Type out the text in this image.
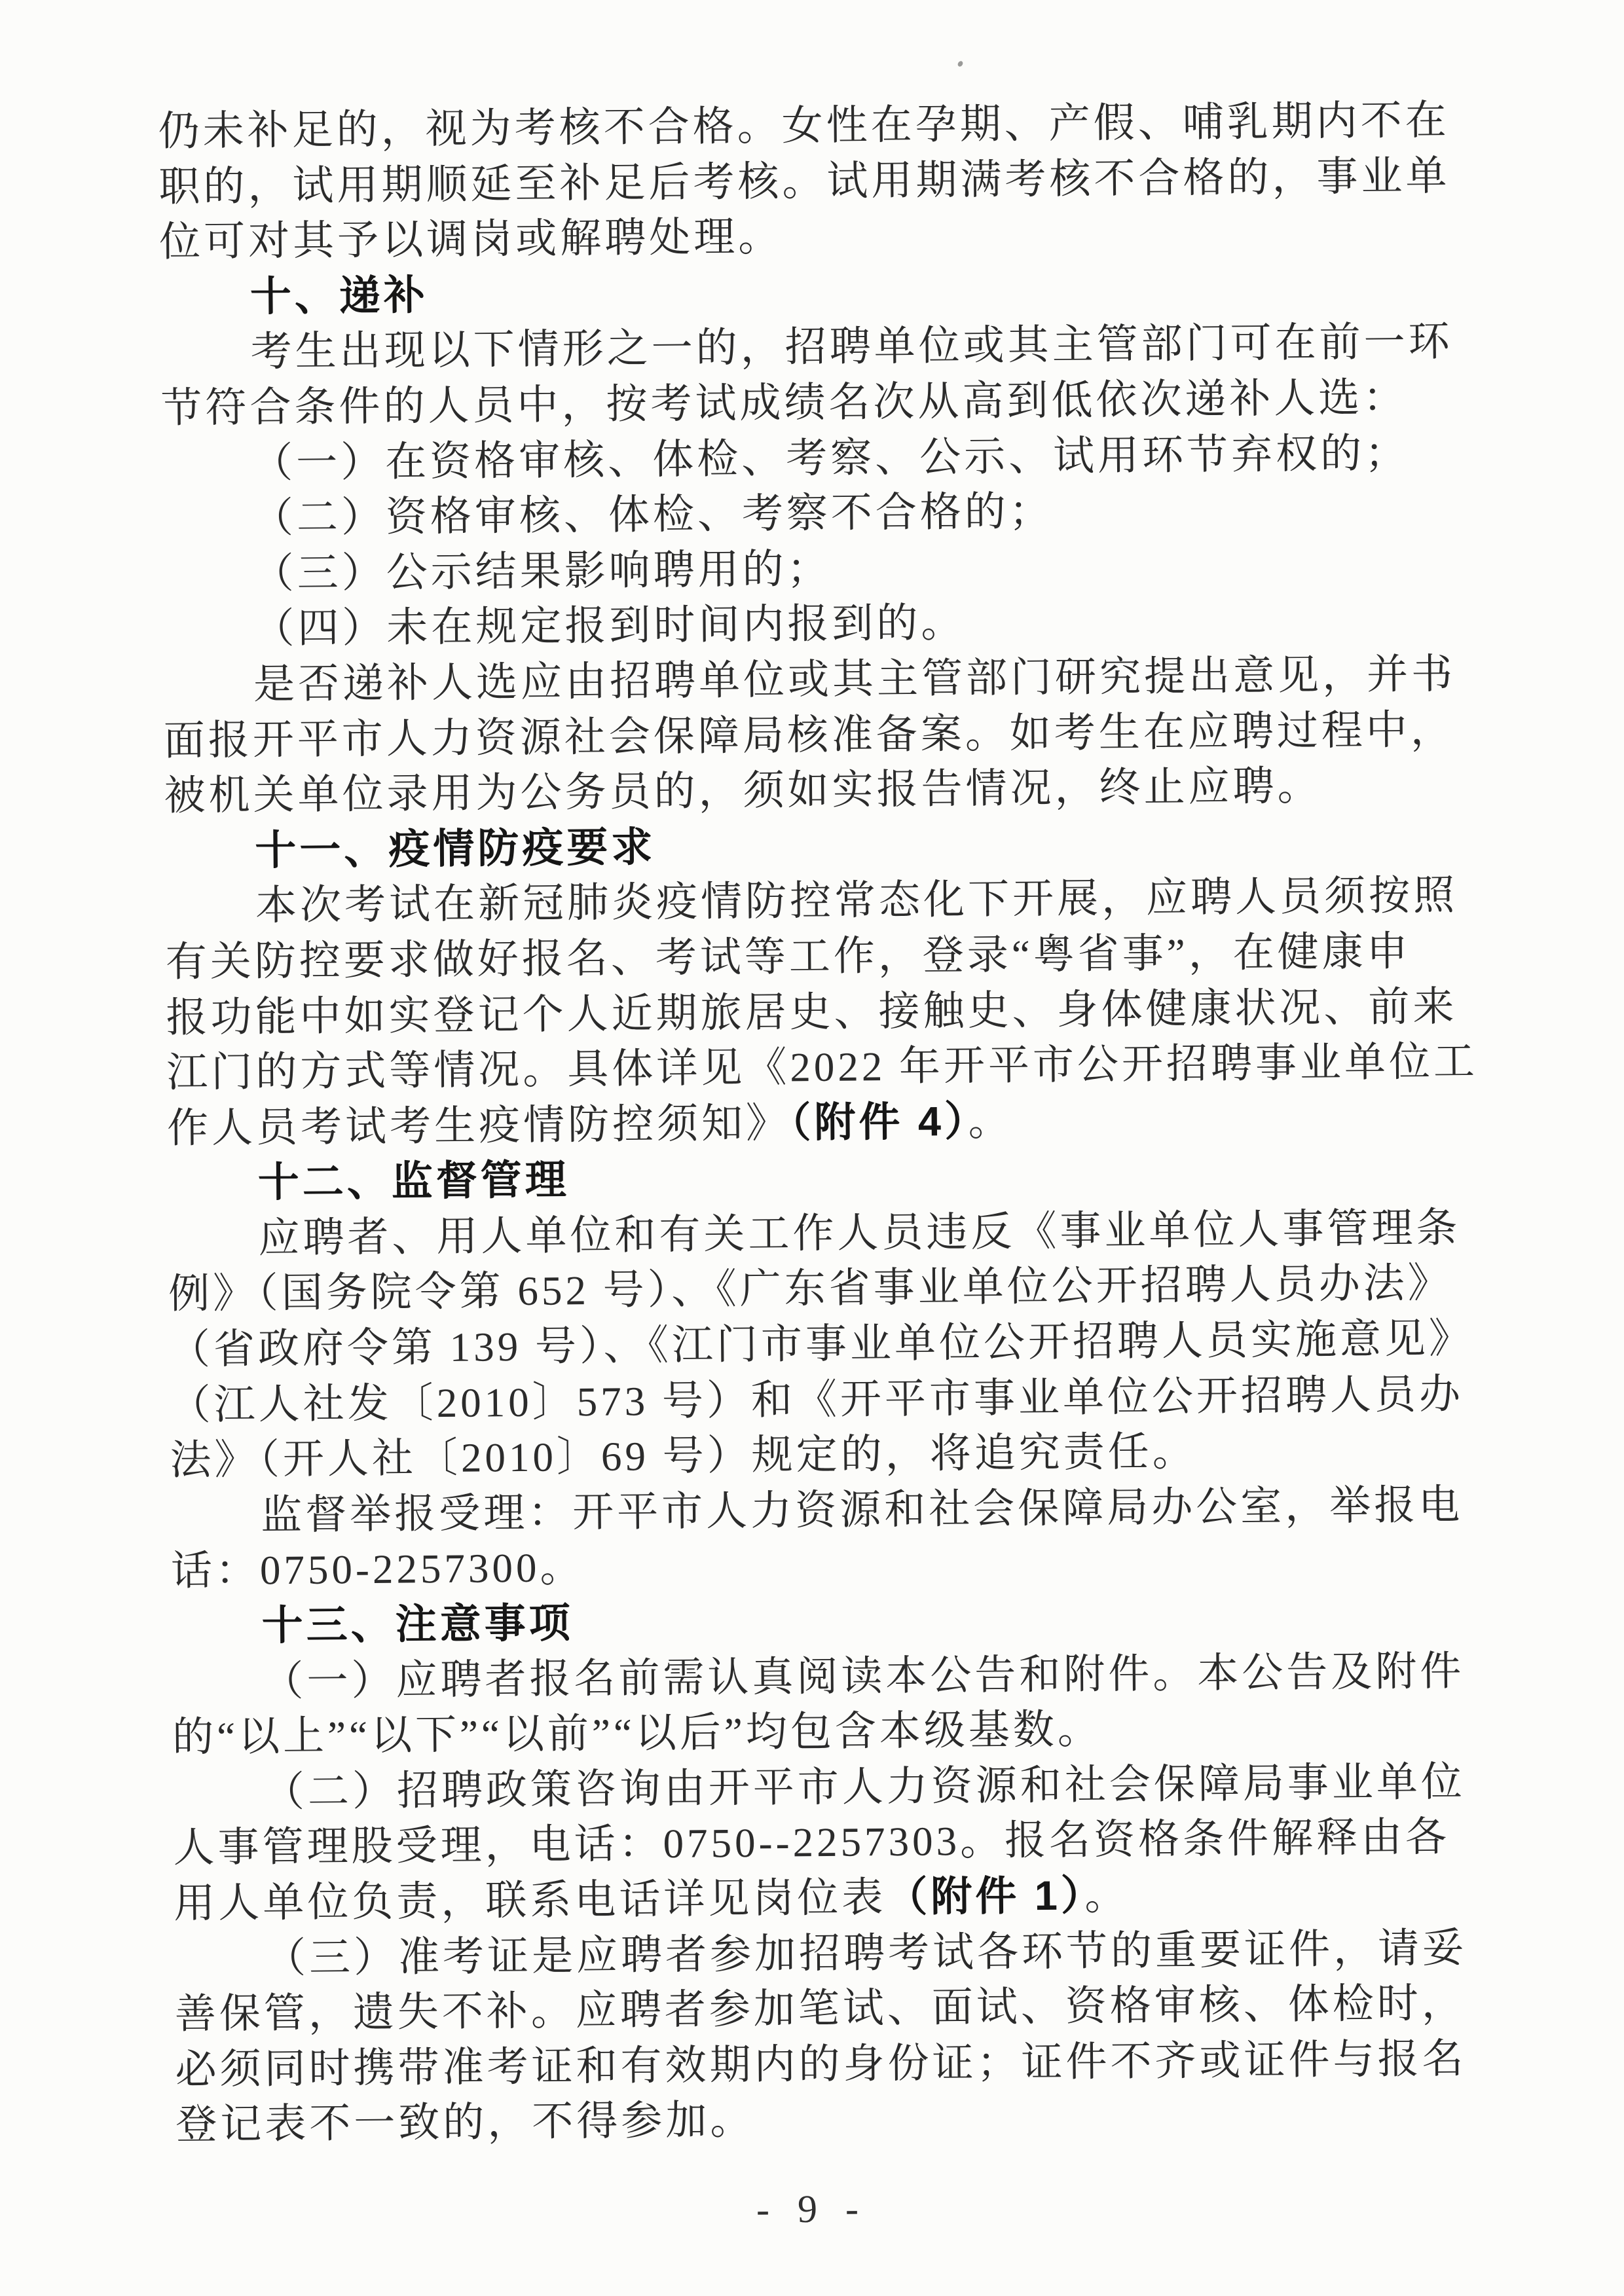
仍未补足的，视为考核不合格。女性在孕期、产假、哺乳期内不在
职的，试用期顺延至补足后考核。试用期满考核不合格的，事业单
位可对其予以调岗或解聘处理。
十、递补
考生出现以下情形之一的，招聘单位或其主管部门可在前一环
节符合条件的人员中，按考试成绩名次从高到低依次递补人选：
（一）在资格审核、体检、考察、公示、试用环节弃权的；
（二）资格审核、体检、考察不合格的；
（三）公示结果影响聘用的；
（四）未在规定报到时间内报到的。
是否递补人选应由招聘单位或其主管部门研究提出意见，并书
面报开平市人力资源社会保障局核准备案。如考生在应聘过程中，
被机关单位录用为公务员的，须如实报告情况，终止应聘。
十一、疫情防疫要求
本次考试在新冠肺炎疫情防控常态化下开展，应聘人员须按照
有关防控要求做好报名、考试等工作，登录“粤省事”，在健康申
报功能中如实登记个人近期旅居史、接触史、身体健康状况、前来
江门的方式等情况。具体详见《2022 年开平市公开招聘事业单位工
作人员考试考生疫情防控须知》（附件 4）。
十二、监督管理
应聘者、用人单位和有关工作人员违反《事业单位人事管理条
例》（国务院令第 652 号）、《广东省事业单位公开招聘人员办法》
（省政府令第 139 号）、《江门市事业单位公开招聘人员实施意见》
（江人社发〔2010〕573 号）和《开平市事业单位公开招聘人员办
法》（开人社〔2010〕69 号）规定的，将追究责任。
监督举报受理：开平市人力资源和社会保障局办公室，举报电
话：0750-2257300。
十三、注意事项
（一）应聘者报名前需认真阅读本公告和附件。本公告及附件
的“以上”“以下”“以前”“以后”均包含本级基数。
（二）招聘政策咨询由开平市人力资源和社会保障局事业单位
人事管理股受理，电话：0750--2257303。报名资格条件解释由各
用人单位负责，联系电话详见岗位表（附件 1）。
（三）准考证是应聘者参加招聘考试各环节的重要证件，请妥
善保管，遗失不补。应聘者参加笔试、面试、资格审核、体检时，
必须同时携带准考证和有效期内的身份证；证件不齐或证件与报名
登记表不一致的，不得参加。
- 9 -
